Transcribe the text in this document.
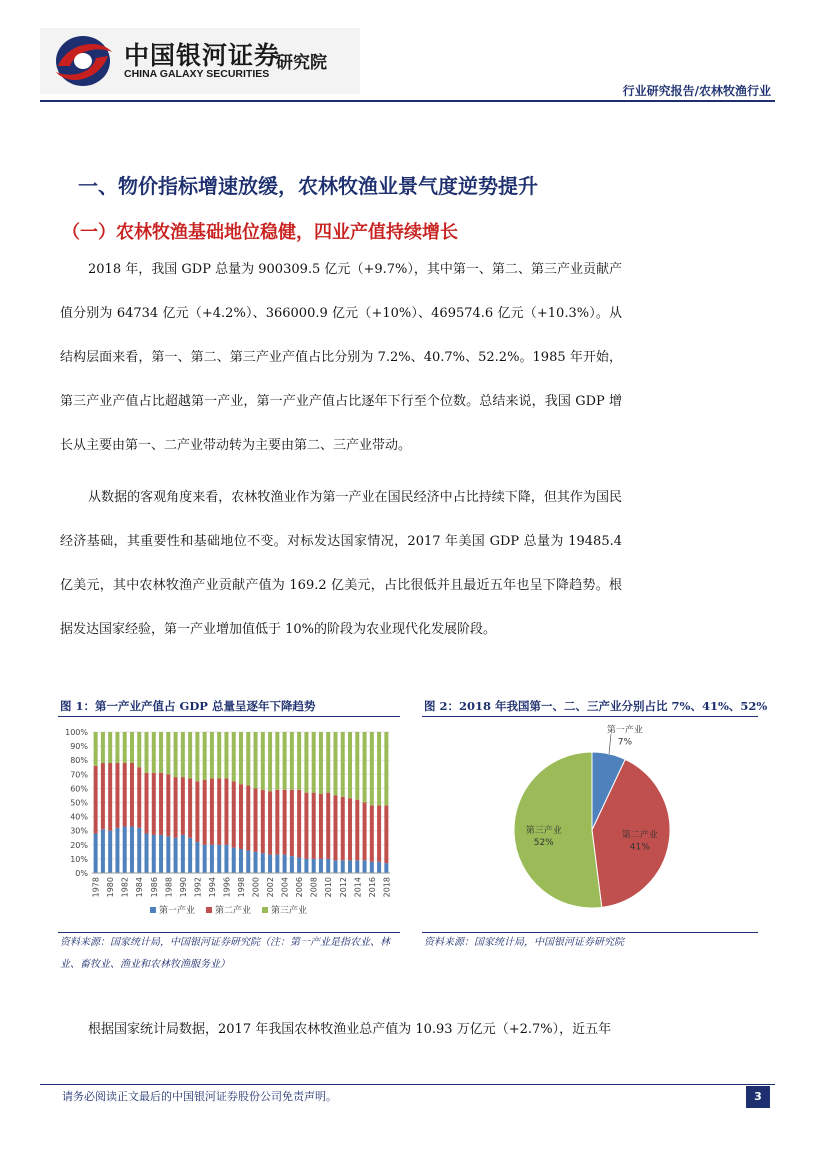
中国银河证券
CHINA GALAXY SECURITIES
研究院
行业研究报告/农林牧渔行业
一、物价指标增速放缓，农林牧渔业景气度逆势提升
（一）农林牧渔基础地位稳健，四业产值持续增长
2018 年，我国 GDP 总量为 900309.5 亿元（+9.7%），其中第一、第二、第三产业贡献产值分别为 64734 亿元（+4.2%）、366000.9 亿元（+10%）、469574.6 亿元（+10.3%）。从结构层面来看，第一、第二、第三产业产值占比分别为 7.2%、40.7%、52.2%。1985 年开始，第三产业产值占比超越第一产业，第一产业产值占比逐年下行至个位数。总结来说，我国 GDP 增长从主要由第一、二产业带动转为主要由第二、三产业带动。
从数据的客观角度来看，农林牧渔业作为第一产业在国民经济中占比持续下降，但其作为国民经济基础，其重要性和基础地位不变。对标发达国家情况，2017 年美国 GDP 总量为 19485.4 亿美元，其中农林牧渔产业贡献产值为 169.2 亿美元，占比很低并且最近五年也呈下降趋势。根据发达国家经验，第一产业增加值低于 10%的阶段为农业现代化发展阶段。
图 1：第一产业产值占 GDP 总量呈逐年下降趋势
0%
10%
20%
30%
40%
50%
60%
70%
80%
90%
100%
1978 1980 1982 1984 1986 1988 1990 1992 1994 1996 1998 2000 2002 2004 2006 2008 2010 2012 2014 2016 2018
第一产业 第二产业 第三产业
资料来源：国家统计局，中国银河证券研究院（注：第一产业是指农业、林业、畜牧业、渔业和农林牧渔服务业）
图 2：2018 年我国第一、二、三产业分别占比 7%、41%、52%
第一产业
7%
第二产业
41%
第三产业
52%
资料来源：国家统计局，中国银河证券研究院
根据国家统计局数据，2017 年我国农林牧渔业总产值为 10.93 万亿元（+2.7%），近五年
请务必阅读正文最后的中国银河证券股份公司免责声明。	3
